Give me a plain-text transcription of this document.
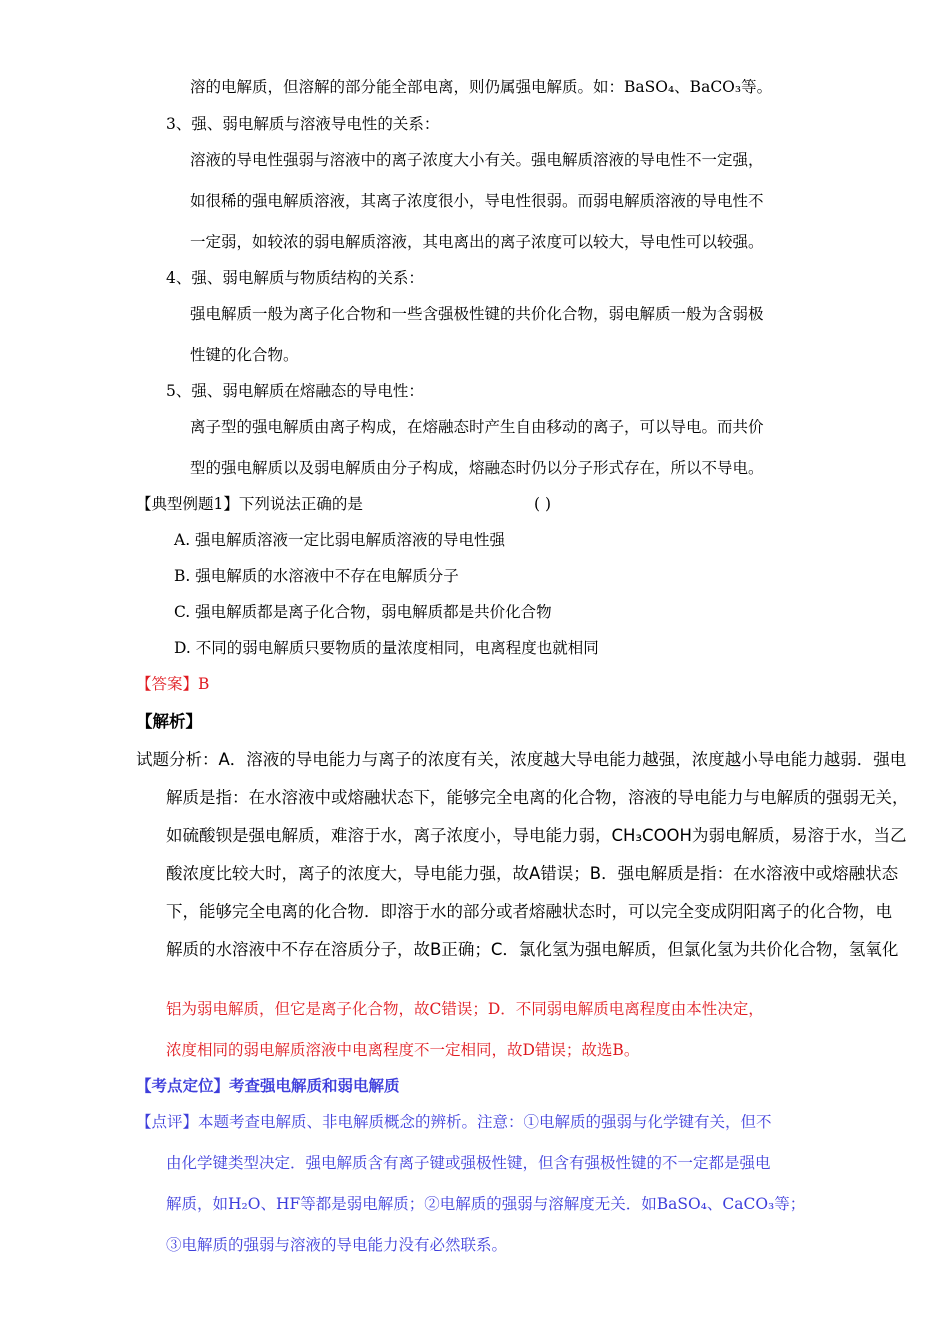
溶的电解质，但溶解的部分能全部电离，则仍属强电解质。如：BaSO₄、BaCO₃等。
3、强、弱电解质与溶液导电性的关系：
溶液的导电性强弱与溶液中的离子浓度大小有关。强电解质溶液的导电性不一定强，
如很稀的强电解质溶液，其离子浓度很小，导电性很弱。而弱电解质溶液的导电性不
一定弱，如较浓的弱电解质溶液，其电离出的离子浓度可以较大，导电性可以较强。
4、强、弱电解质与物质结构的关系：
强电解质一般为离子化合物和一些含强极性键的共价化合物，弱电解质一般为含弱极
性键的化合物。
5、强、弱电解质在熔融态的导电性：
离子型的强电解质由离子构成，在熔融态时产生自由移动的离子，可以导电。而共价
型的强电解质以及弱电解质由分子构成，熔融态时仍以分子形式存在，所以不导电。
【典型例题1】下列说法正确的是	( )
A. 强电解质溶液一定比弱电解质溶液的导电性强
B. 强电解质的水溶液中不存在电解质分子
C. 强电解质都是离子化合物，弱电解质都是共价化合物
D. 不同的弱电解质只要物质的量浓度相同，电离程度也就相同
【答案】B
【解析】
试题分析：A．溶液的导电能力与离子的浓度有关，浓度越大导电能力越强，浓度越小导电能力越弱．强电
解质是指：在水溶液中或熔融状态下，能够完全电离的化合物，溶液的导电能力与电解质的强弱无关，
如硫酸钡是强电解质，难溶于水，离子浓度小，导电能力弱，CH₃COOH为弱电解质，易溶于水，当乙
酸浓度比较大时，离子的浓度大，导电能力强，故A错误；B．强电解质是指：在水溶液中或熔融状态
下，能够完全电离的化合物．即溶于水的部分或者熔融状态时，可以完全变成阴阳离子的化合物，电
解质的水溶液中不存在溶质分子，故B正确；C．氯化氢为强电解质，但氯化氢为共价化合物，氢氧化
铝为弱电解质，但它是离子化合物，故C错误；D．不同弱电解质电离程度由本性决定，
浓度相同的弱电解质溶液中电离程度不一定相同，故D错误；故选B。
【考点定位】考查强电解质和弱电解质
【点评】本题考查电解质、非电解质概念的辨析。注意：①电解质的强弱与化学键有关，但不
由化学键类型决定．强电解质含有离子键或强极性键，但含有强极性键的不一定都是强电
解质，如H₂O、HF等都是弱电解质；②电解质的强弱与溶解度无关．如BaSO₄、CaCO₃等；
③电解质的强弱与溶液的导电能力没有必然联系。
